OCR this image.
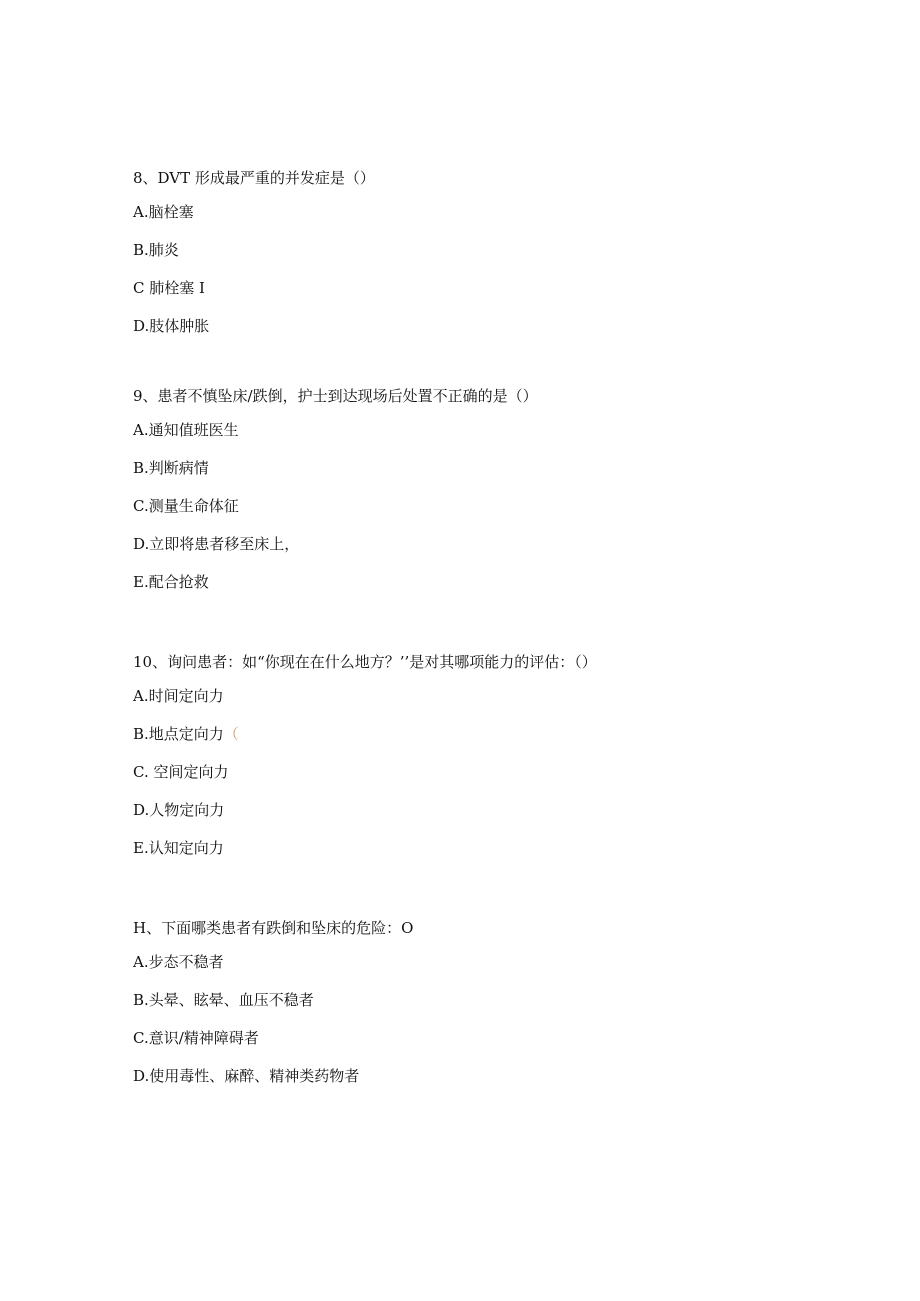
8、DVT 形成最严重的并发症是（）
A.脑栓塞
B.肺炎
C 肺栓塞 I
D.肢体肿胀
9、患者不慎坠床/跌倒，护士到达现场后处置不正确的是（）
A.通知值班医生
B.判断病情
C.测量生命体征
D.立即将患者移至床上，
E.配合抢救
10、询问患者：如“你现在在什么地方？’’是对其哪项能力的评估：（）
A.时间定向力
B.地点定向力（
C. 空间定向力
D.人物定向力
E.认知定向力
H、下面哪类患者有跌倒和坠床的危险：O
A.步态不稳者
B.头晕、眩晕、血压不稳者
C.意识/精神障碍者
D.使用毒性、麻醉、精神类药物者
